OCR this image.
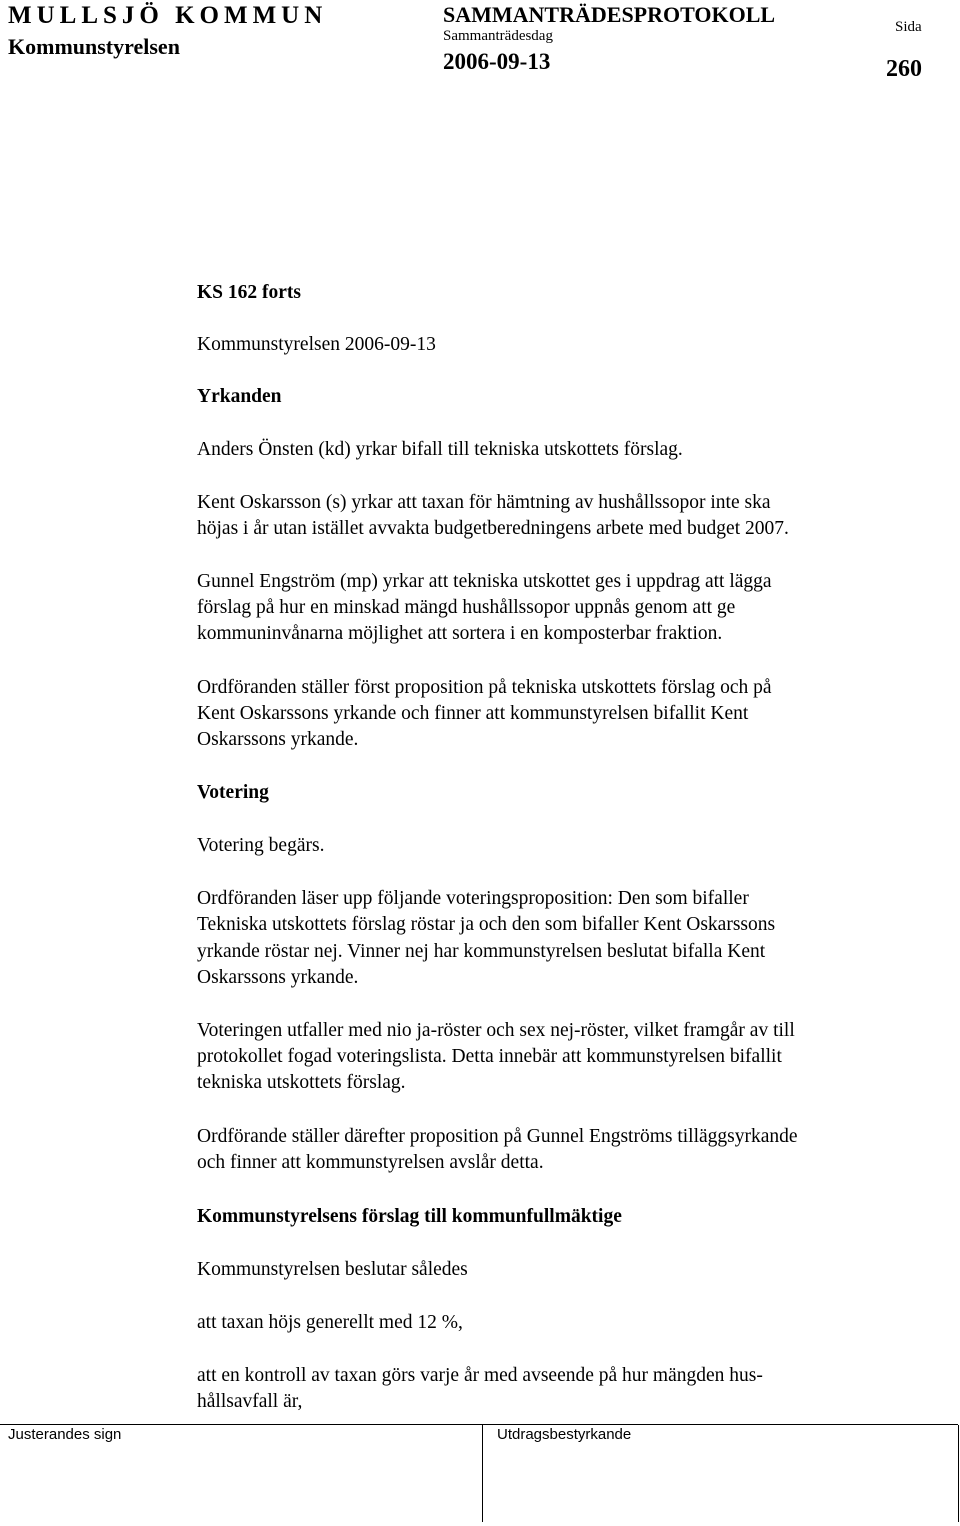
MULLSJÖ KOMMUN
Kommunstyrelsen
SAMMANTRÄDESPROTOKOLL
Sammanträdesdag
2006-09-13
Sida
260
KS 162 forts
Kommunstyrelsen 2006-09-13
Yrkanden
Anders Önsten (kd) yrkar bifall till tekniska utskottets förslag.
Kent Oskarsson (s) yrkar att taxan för hämtning av hushållssopor inte ska
höjas i år utan istället avvakta budgetberedningens arbete med budget 2007.
Gunnel Engström (mp) yrkar att tekniska utskottet ges i uppdrag att lägga
förslag på hur en minskad mängd hushållssopor uppnås genom att ge
kommuninvånarna möjlighet att sortera i en komposterbar fraktion.
Ordföranden ställer först proposition på tekniska utskottets förslag och på
Kent Oskarssons yrkande och finner att kommunstyrelsen bifallit Kent
Oskarssons yrkande.
Votering
Votering begärs.
Ordföranden läser upp följande voteringsproposition: Den som bifaller
Tekniska utskottets förslag röstar ja och den som bifaller Kent Oskarssons
yrkande röstar nej. Vinner nej har kommunstyrelsen beslutat bifalla Kent
Oskarssons yrkande.
Voteringen utfaller med nio ja-röster och sex nej-röster, vilket framgår av till
protokollet fogad voteringslista. Detta innebär att kommunstyrelsen bifallit
tekniska utskottets förslag.
Ordförande ställer därefter proposition på Gunnel Engströms tilläggsyrkande
och finner att kommunstyrelsen avslår detta.
Kommunstyrelsens förslag till kommunfullmäktige
Kommunstyrelsen beslutar således
att taxan höjs generellt med 12 %,
att en kontroll av taxan görs varje år med avseende på hur mängden hus-
hållsavfall är,
Justerandes sign	Utdragsbestyrkande
